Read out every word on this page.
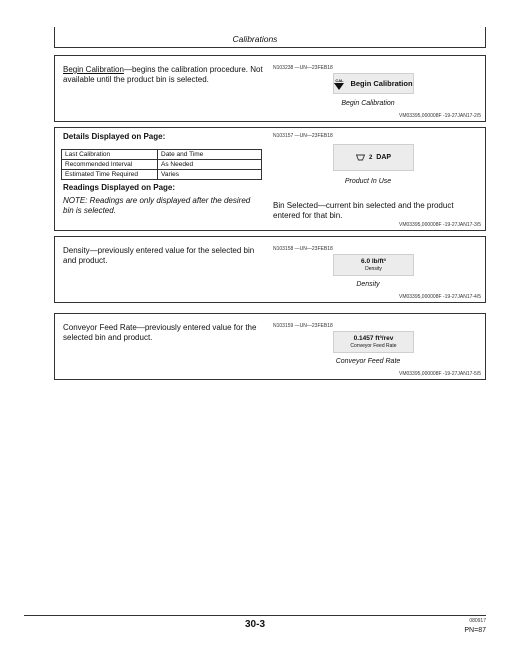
Calibrations
Begin Calibration—begins the calibration procedure. Not available until the product bin is selected.
N103238 —UN—23FEB18
CAL Begin Calibration
Begin Calibration
VM03395,000008F -19-27JAN17-2/5
Details Displayed on Page:
Last Calibration	Date and Time
Recommended Interval	As Needed
Estimated Time Required	Varies
Readings Displayed on Page:
NOTE: Readings are only displayed after the desired bin is selected.
N103157 —UN—23FEB18
2 DAP
Product In Use
Bin Selected—current bin selected and the product entered for that bin.
VM03395,000008F -19-27JAN17-3/5
Density—previously entered value for the selected bin and product.
N103158 —UN—23FEB18
6.0 lb/ft³
Density
Density
VM03395,000008F -19-27JAN17-4/5
Conveyor Feed Rate—previously entered value for the selected bin and product.
N103159 —UN—23FEB18
0.1457 ft³/rev
Conveyor Feed Rate
Conveyor Feed Rate
VM03395,000008F -19-27JAN17-5/5
30-3	080917
PN=87
